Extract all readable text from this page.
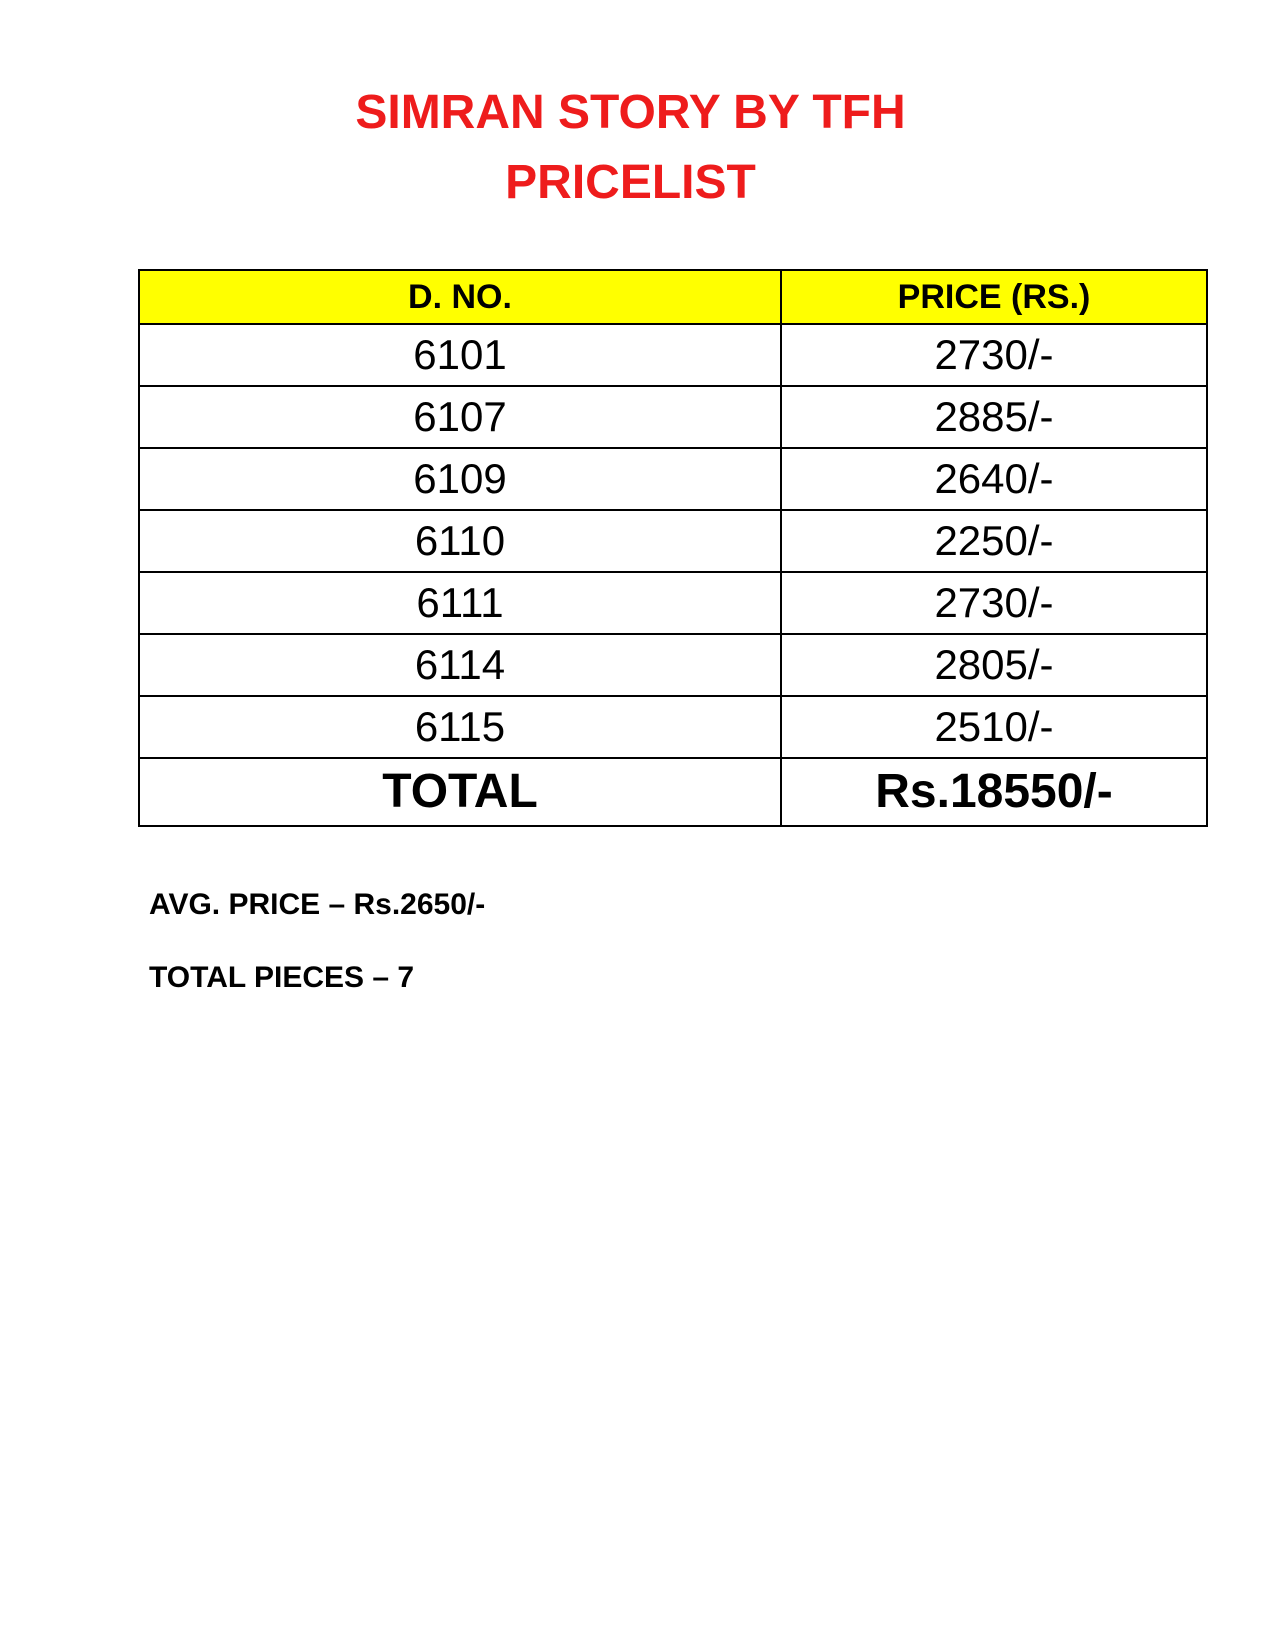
SIMRAN STORY BY TFH
PRICELIST
D. NO.	PRICE (RS.)
6101	2730/-
6107	2885/-
6109	2640/-
6110	2250/-
6111	2730/-
6114	2805/-
6115	2510/-
TOTAL	Rs.18550/-
AVG. PRICE – Rs.2650/-
TOTAL PIECES – 7
